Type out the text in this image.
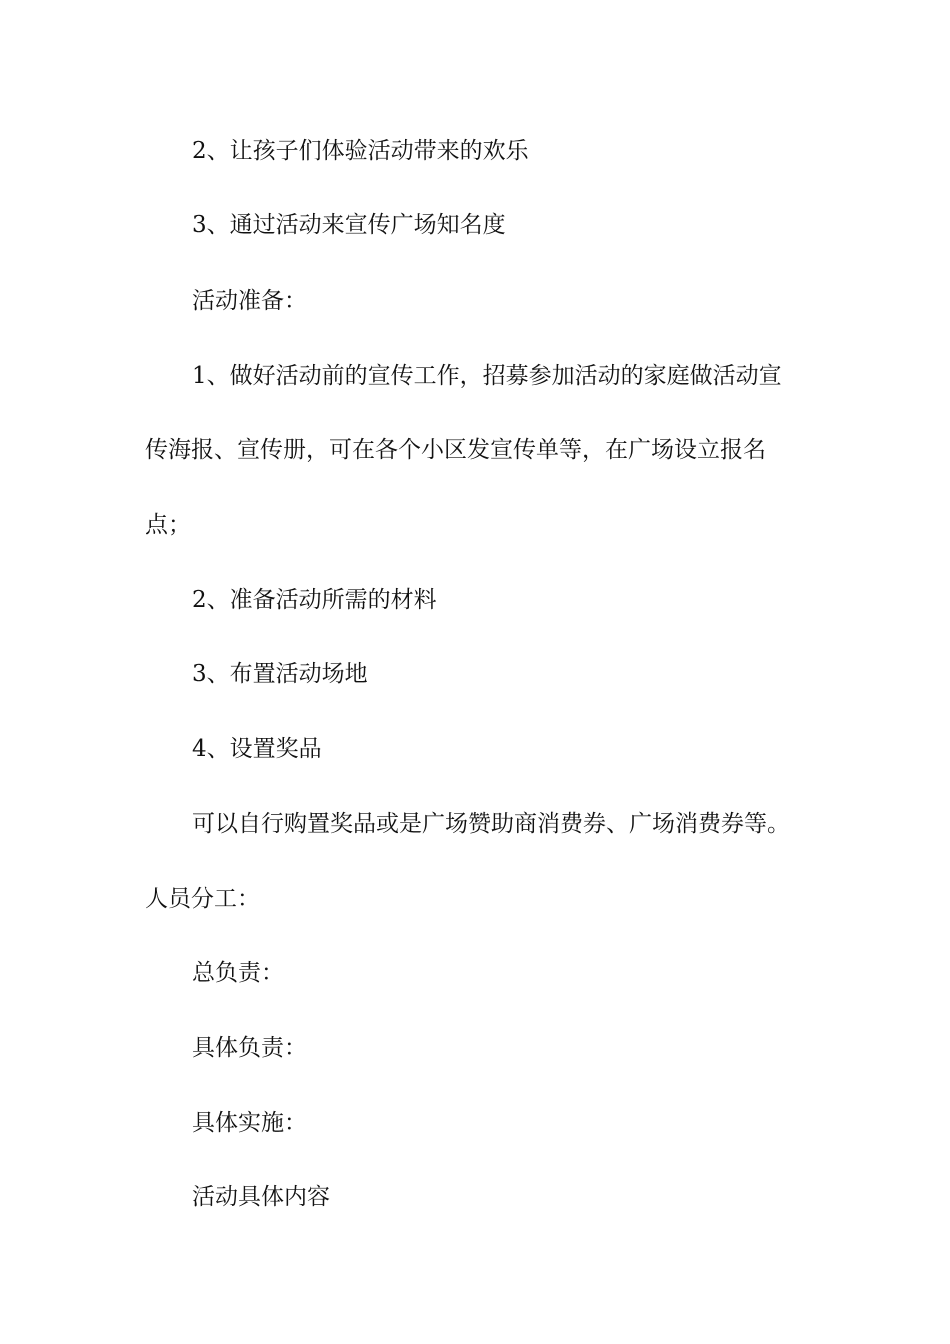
2、让孩子们体验活动带来的欢乐
3、通过活动来宣传广场知名度
活动准备：
1、做好活动前的宣传工作，招募参加活动的家庭做活动宣
传海报、宣传册，可在各个小区发宣传单等，在广场设立报名
点；
2、准备活动所需的材料
3、布置活动场地
4、设置奖品
可以自行购置奖品或是广场赞助商消费券、广场消费券等。
人员分工：
总负责：
具体负责：
具体实施：
活动具体内容
